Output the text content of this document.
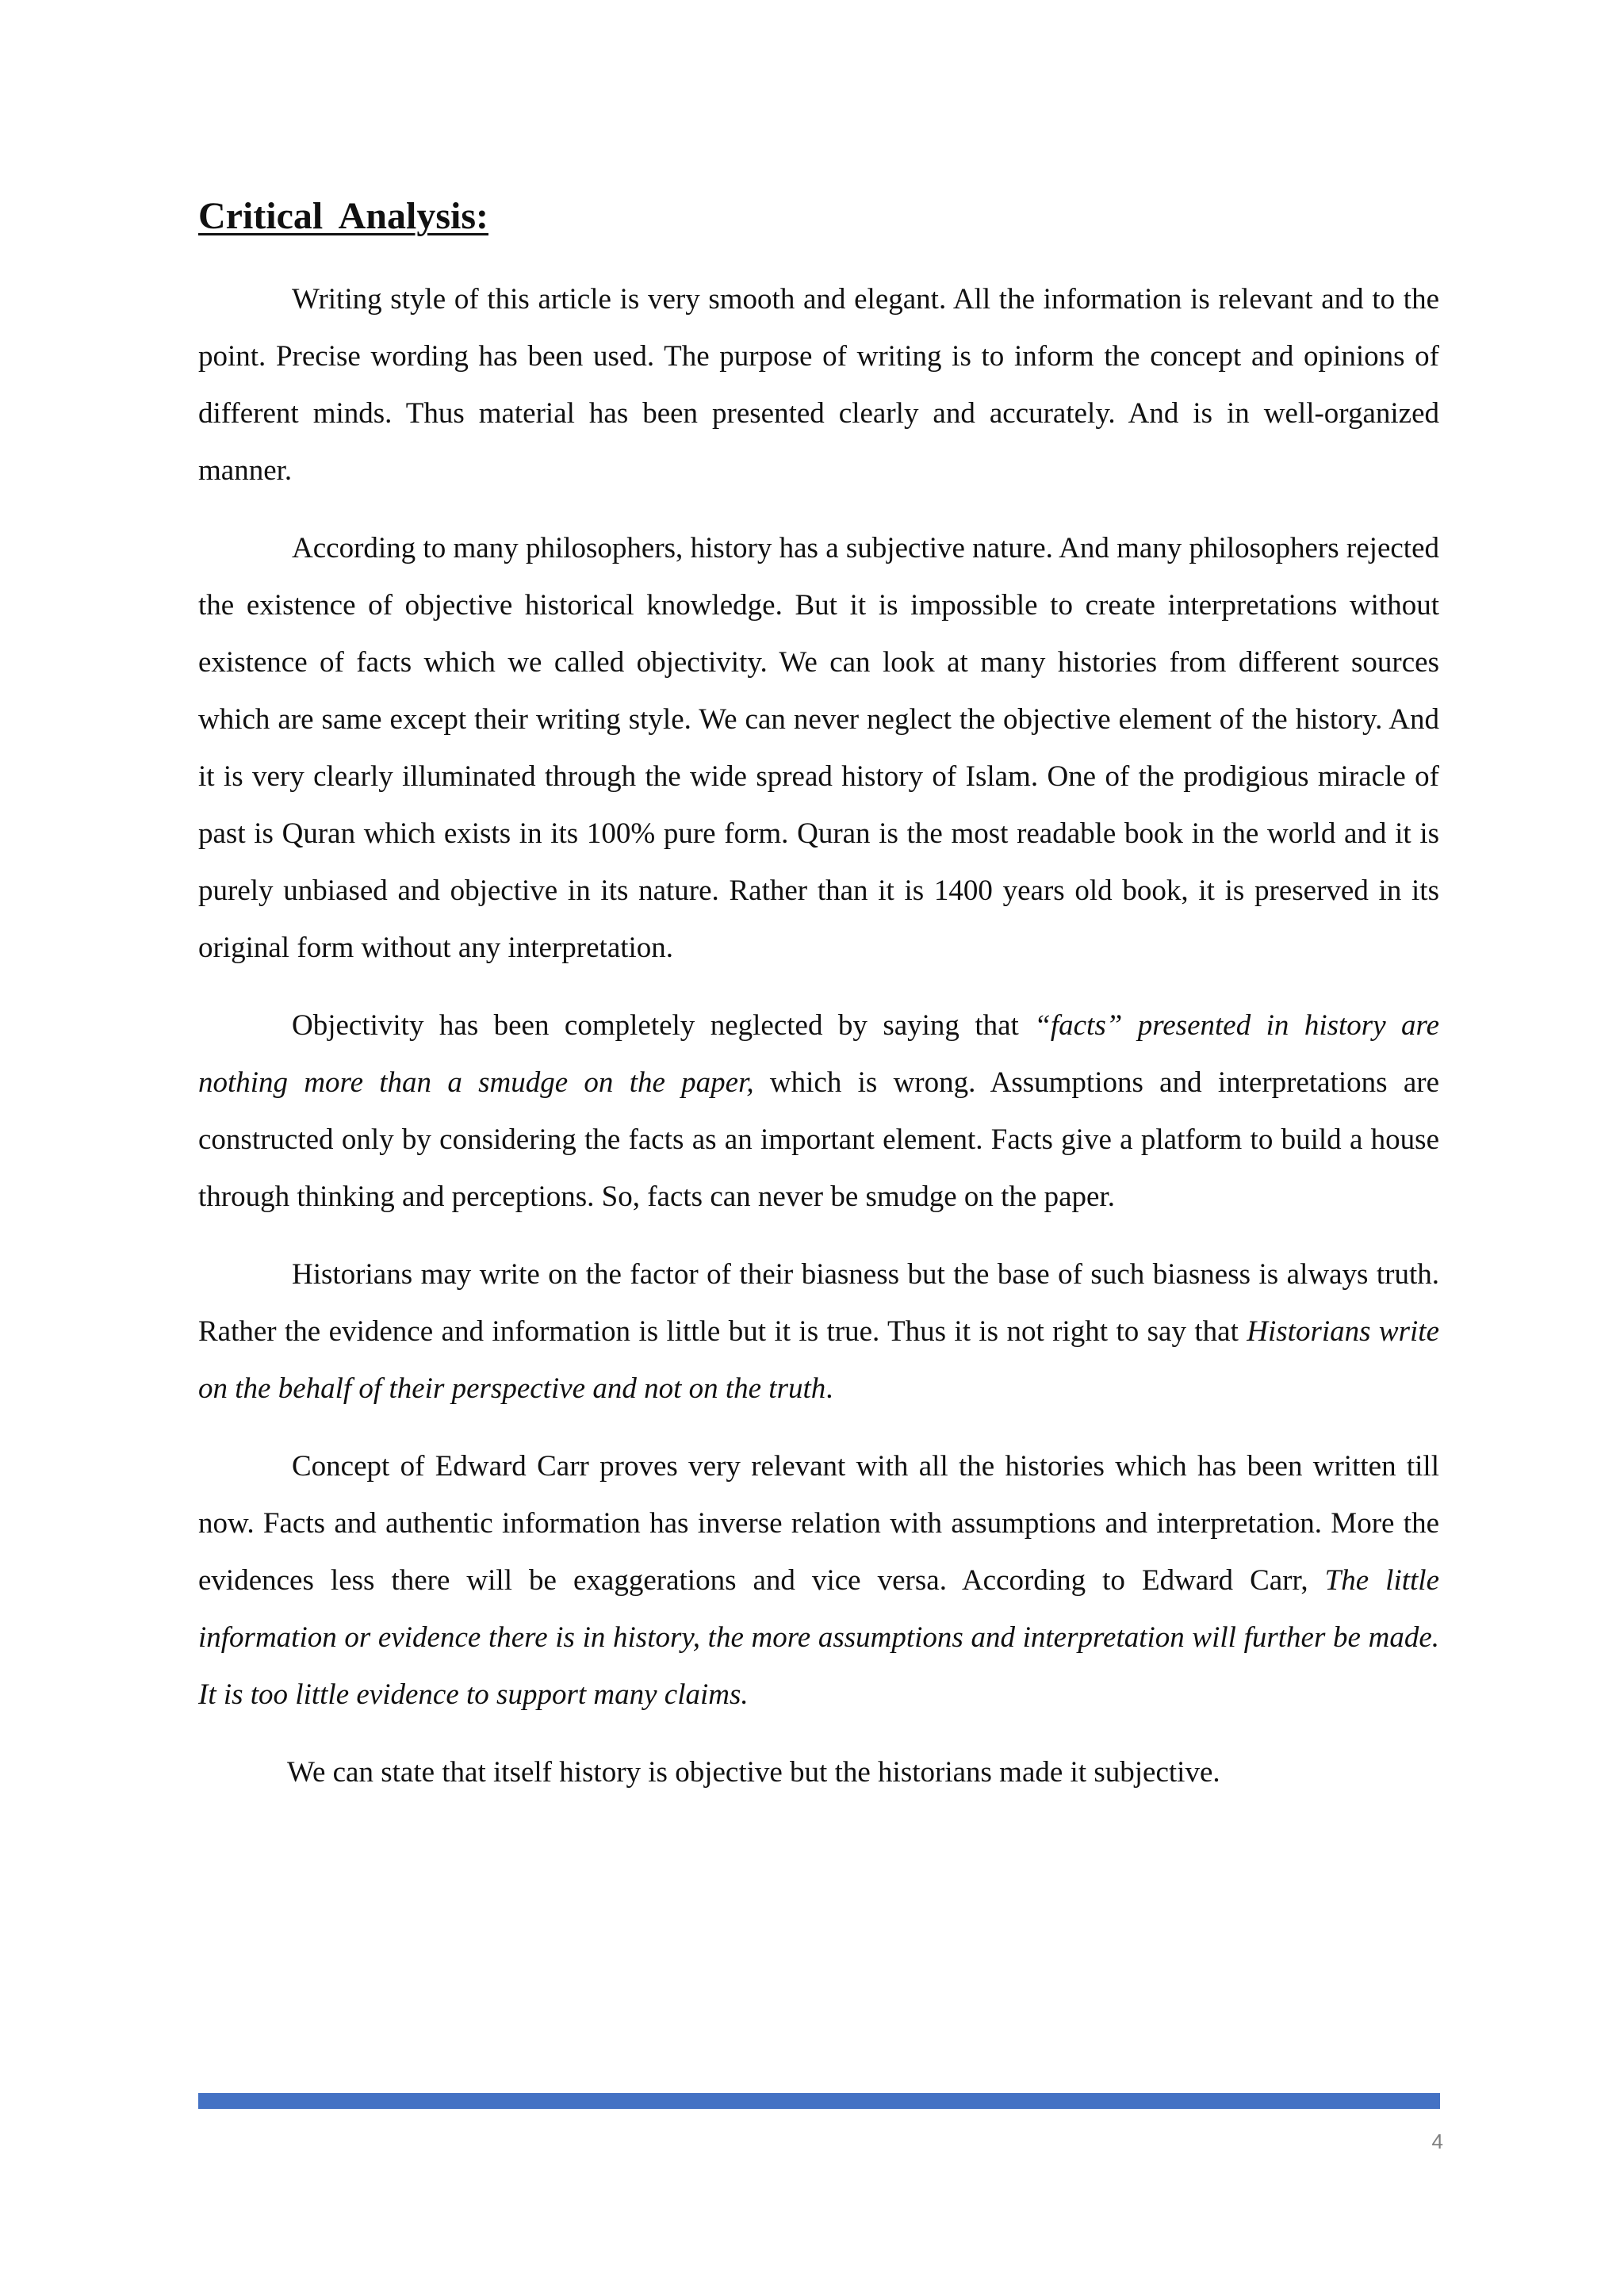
Critical Analysis:

Writing style of this article is very smooth and elegant. All the information is relevant and to the point. Precise wording has been used. The purpose of writing is to inform the concept and opinions of different minds. Thus material has been presented clearly and accurately. And is in well-organized manner.

According to many philosophers, history has a subjective nature. And many philosophers rejected the existence of objective historical knowledge. But it is impossible to create interpretations without existence of facts which we called objectivity. We can look at many histories from different sources which are same except their writing style. We can never neglect the objective element of the history. And it is very clearly illuminated through the wide spread history of Islam. One of the prodigious miracle of past is Quran which exists in its 100% pure form. Quran is the most readable book in the world and it is purely unbiased and objective in its nature. Rather than it is 1400 years old book, it is preserved in its original form without any interpretation.

Objectivity has been completely neglected by saying that “facts” presented in history are nothing more than a smudge on the paper, which is wrong. Assumptions and interpretations are constructed only by considering the facts as an important element. Facts give a platform to build a house through thinking and perceptions. So, facts can never be smudge on the paper.

Historians may write on the factor of their biasness but the base of such biasness is always truth. Rather the evidence and information is little but it is true. Thus it is not right to say that Historians write on the behalf of their perspective and not on the truth.

Concept of Edward Carr proves very relevant with all the histories which has been written till now. Facts and authentic information has inverse relation with assumptions and interpretation. More the evidences less there will be exaggerations and vice versa. According to Edward Carr, The little information or evidence there is in history, the more assumptions and interpretation will further be made. It is too little evidence to support many claims.

We can state that itself history is objective but the historians made it subjective.

4
